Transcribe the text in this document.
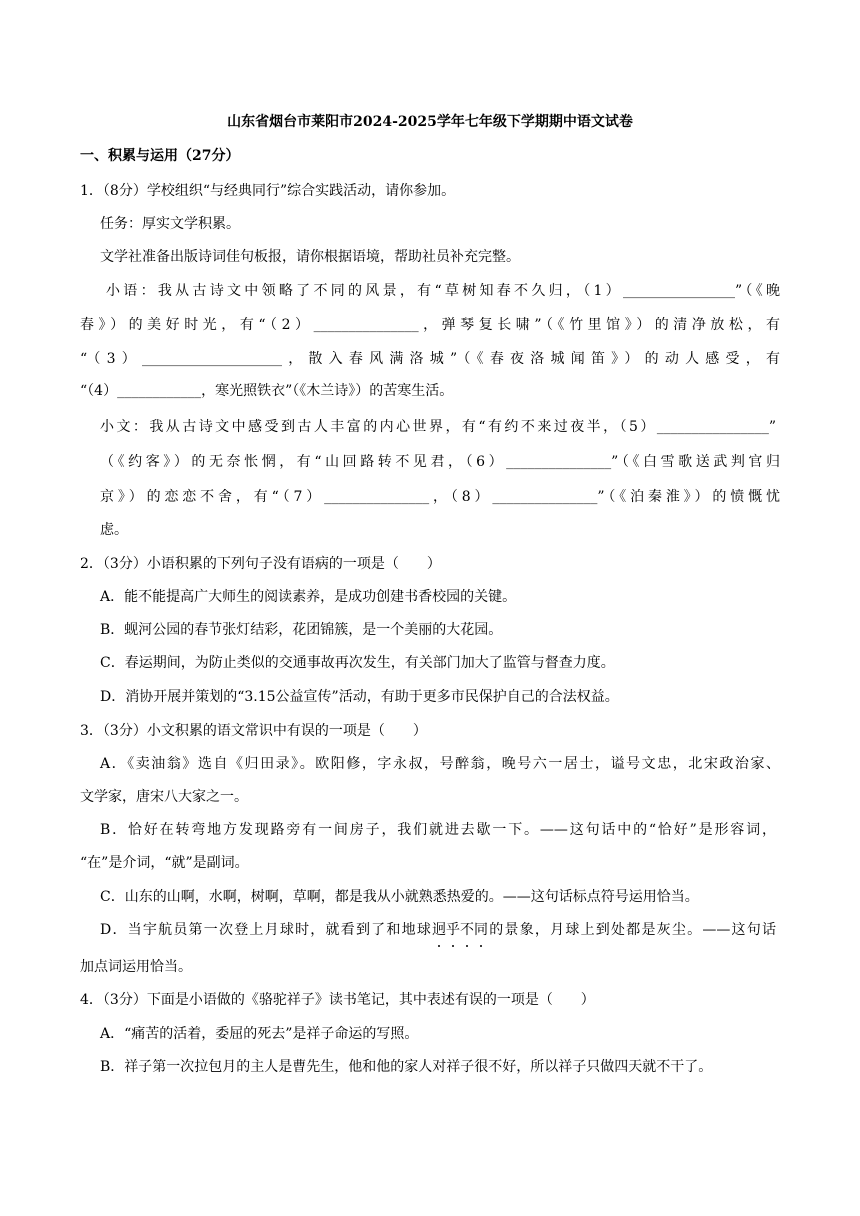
山东省烟台市莱阳市2024-2025学年七年级下学期期中语文试卷
一、积累与运用（27分）
1．（8分）学校组织“与经典同行”综合实践活动，请你参加。
任务：厚实文学积累。
文学社准备出版诗词佳句板报，请你根据语境，帮助社员补充完整。
小语：我从古诗文中领略了不同的风景，有“草树知春不久归，（1）________________”（《晚
春》）的美好时光，有“（2）_______________，弹琴复长啸”（《竹里馆》）的清净放松，有
“（3）____________________，散入春风满洛城”（《春夜洛城闻笛》）的动人感受，有
“（4）____________，寒光照铁衣”（《木兰诗》）的苦寒生活。
小文：我从古诗文中感受到古人丰富的内心世界，有“有约不来过夜半，（5）________________”
（《约客》）的无奈怅惘，有“山回路转不见君，（6）_______________”（《白雪歌送武判官归
京》）的恋恋不舍，有“（7）_______________，（8）_______________”（《泊秦淮》）的愤慨忧
虑。
2．（3分）小语积累的下列句子没有语病的一项是（　　）
A．能不能提高广大师生的阅读素养，是成功创建书香校园的关键。
B．蚬河公园的春节张灯结彩，花团锦簇，是一个美丽的大花园。
C．春运期间，为防止类似的交通事故再次发生，有关部门加大了监管与督查力度。
D．消协开展并策划的“3.15公益宣传”活动，有助于更多市民保护自己的合法权益。
3．（3分）小文积累的语文常识中有误的一项是（　　）
A．《卖油翁》选自《归田录》。欧阳修，字永叔，号醉翁，晚号六一居士，谥号文忠，北宋政治家、
文学家，唐宋八大家之一。
B．恰好在转弯地方发现路旁有一间房子，我们就进去歇一下。——这句话中的“恰好”是形容词，
“在”是介词，“就”是副词。
C．山东的山啊，水啊，树啊，草啊，都是我从小就熟悉热爱的。——这句话标点符号运用恰当。
D．当宇航员第一次登上月球时，就看到了和地球迥乎不同的景象，月球上到处都是灰尘。——这句话
加点词运用恰当。
4．（3分）下面是小语做的《骆驼祥子》读书笔记，其中表述有误的一项是（　　）
A．“痛苦的活着，委屈的死去”是祥子命运的写照。
B．祥子第一次拉包月的主人是曹先生，他和他的家人对祥子很不好，所以祥子只做四天就不干了。
